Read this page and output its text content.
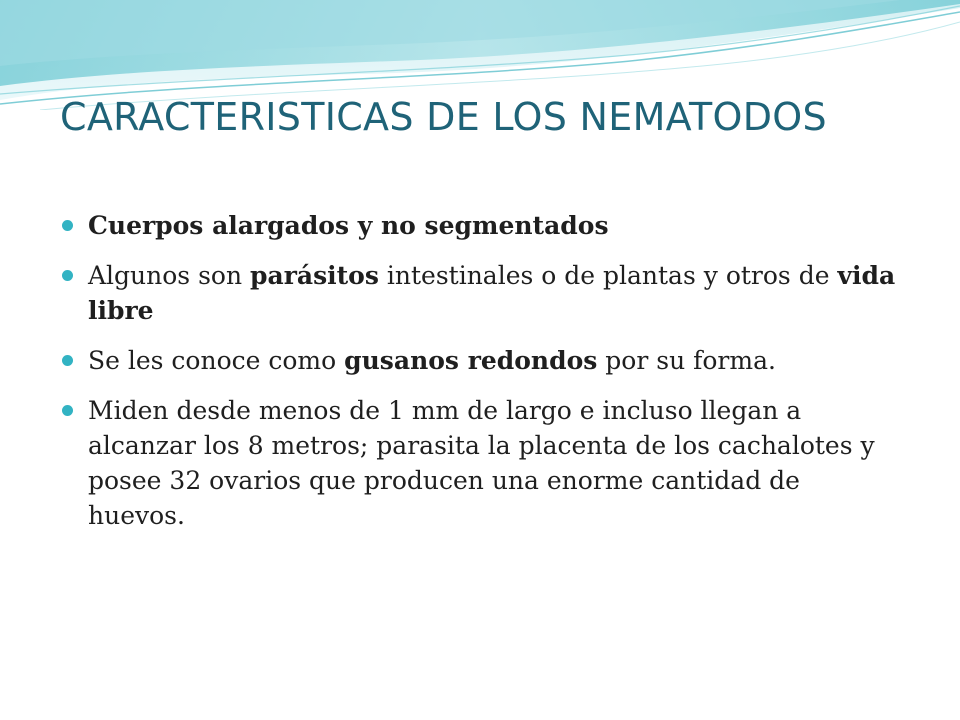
CARACTERISTICAS DE LOS NEMATODOS
Cuerpos alargados y no segmentados
Algunos son parásitos intestinales o de plantas y otros de vida libre
Se les conoce como gusanos redondos por su forma.
Miden desde menos de 1 mm de largo e incluso llegan a alcanzar los 8 metros; parasita la placenta de los cachalotes y posee 32 ovarios que producen una enorme cantidad de huevos.
